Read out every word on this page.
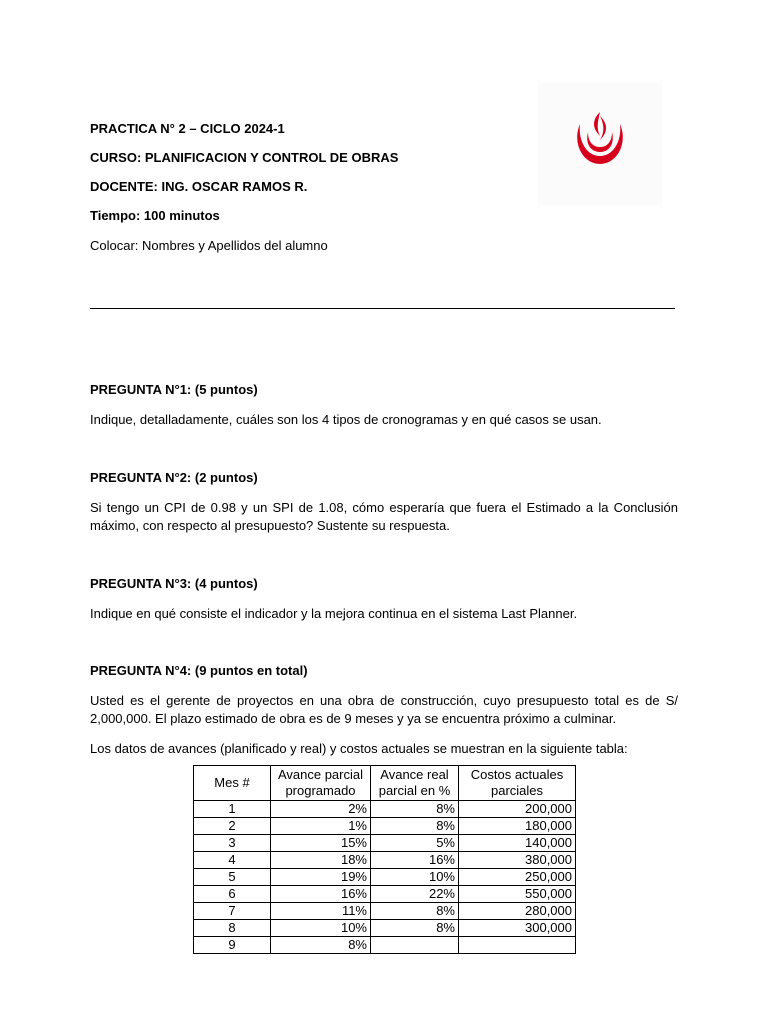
PRACTICA N° 2 – CICLO 2024-1

CURSO: PLANIFICACION Y CONTROL DE OBRAS

DOCENTE: ING. OSCAR RAMOS R.

Tiempo: 100 minutos

Colocar: Nombres y Apellidos del alumno

PREGUNTA N°1: (5 puntos)

Indique, detalladamente, cuáles son los 4 tipos de cronogramas y en qué casos se usan.

PREGUNTA N°2: (2 puntos)

Si tengo un CPI de 0.98 y un SPI de 1.08, cómo esperaría que fuera el Estimado a la Conclusión máximo, con respecto al presupuesto? Sustente su respuesta.

PREGUNTA N°3: (4 puntos)

Indique en qué consiste el indicador y la mejora continua en el sistema Last Planner.

PREGUNTA N°4: (9 puntos en total)

Usted es el gerente de proyectos en una obra de construcción, cuyo presupuesto total es de S/ 2,000,000. El plazo estimado de obra es de 9 meses y ya se encuentra próximo a culminar.

Los datos de avances (planificado y real) y costos actuales se muestran en la siguiente tabla:

Mes #	Avance parcial programado	Avance real parcial en %	Costos actuales parciales
1	2%	8%	200,000
2	1%	8%	180,000
3	15%	5%	140,000
4	18%	16%	380,000
5	19%	10%	250,000
6	16%	22%	550,000
7	11%	8%	280,000
8	10%	8%	300,000
9	8%		
